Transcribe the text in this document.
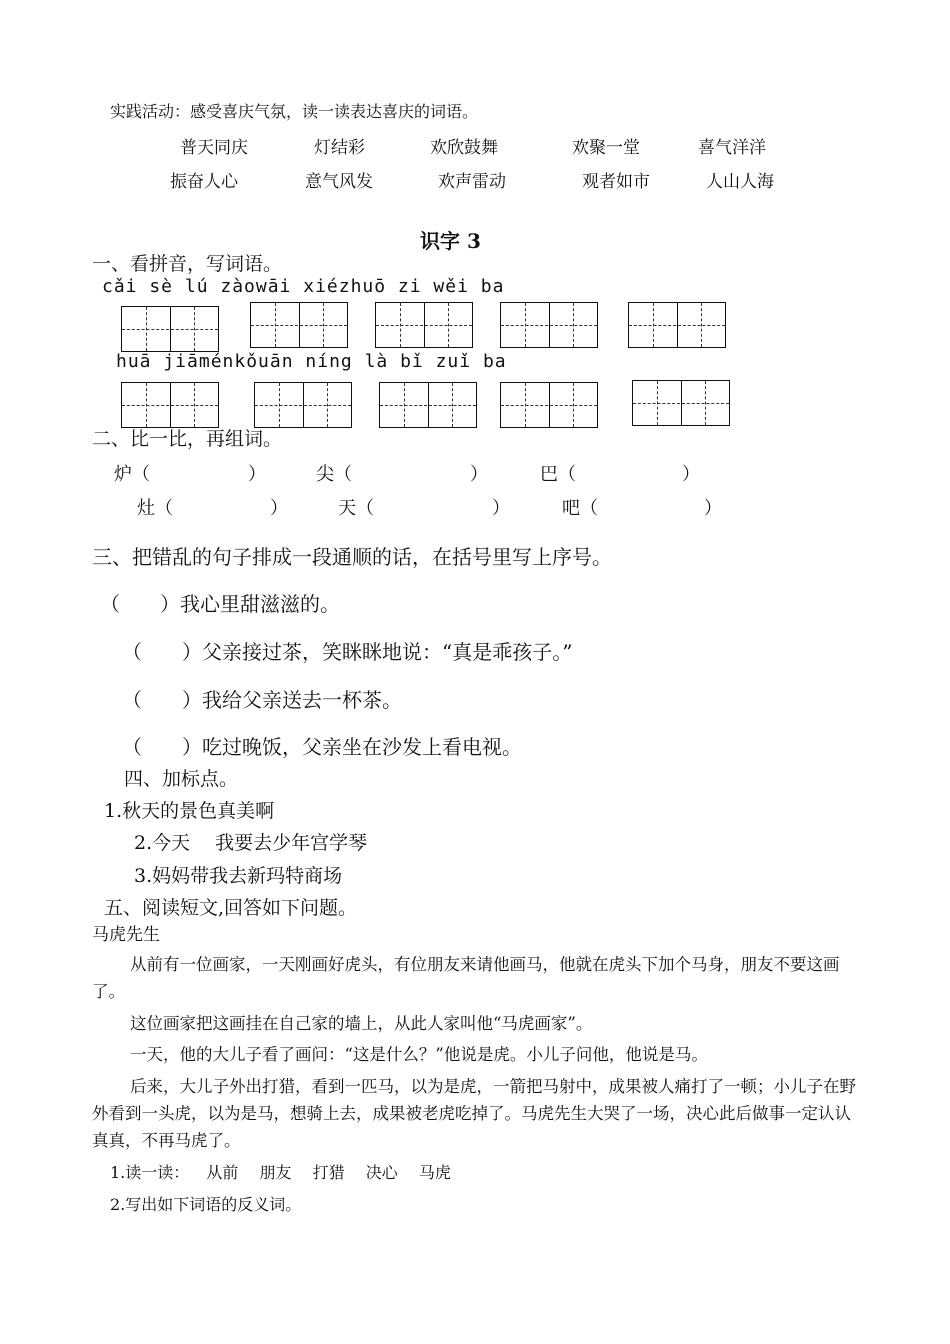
实践活动：感受喜庆气氛，读一读表达喜庆的词语。
普天同庆	灯结彩	欢欣鼓舞	欢聚一堂	喜气洋洋
振奋人心	意气风发	欢声雷动	观者如市	人山人海
识字 3
一、看拼音，写词语。
cǎi sè lú zàowāi xiézhuō zi wěi ba
huā jiāménkǒuān níng là bǐ zuǐ ba
二、比一比，再组词。
炉（	）	尖（	）	巴（	）
灶（	）	天（	）	吧（	）
三、把错乱的句子排成一段通顺的话，在括号里写上序号。
（　　）我心里甜滋滋的。
（　　）父亲接过茶，笑眯眯地说：“真是乖孩子。”
（　　）我给父亲送去一杯茶。
（　　）吃过晚饭，父亲坐在沙发上看电视。
四、加标点。
1.秋天的景色真美啊
2.今天　 我要去少年宫学琴
3.妈妈带我去新玛特商场
五、阅读短文,回答如下问题。
马虎先生
从前有一位画家，一天刚画好虎头，有位朋友来请他画马，他就在虎头下加个马身，朋友不要这画了。
这位画家把这画挂在自己家的墙上，从此人家叫他“马虎画家”。
一天，他的大儿子看了画问：“这是什么？”他说是虎。小儿子问他，他说是马。
后来，大儿子外出打猎，看到一匹马，以为是虎，一箭把马射中，成果被人痛打了一顿；小儿子在野外看到一头虎，以为是马，想骑上去，成果被老虎吃掉了。马虎先生大哭了一场，决心此后做事一定认认真真，不再马虎了。
1.读一读： 从前 朋友 打猎 决心 马虎
2.写出如下词语的反义词。
